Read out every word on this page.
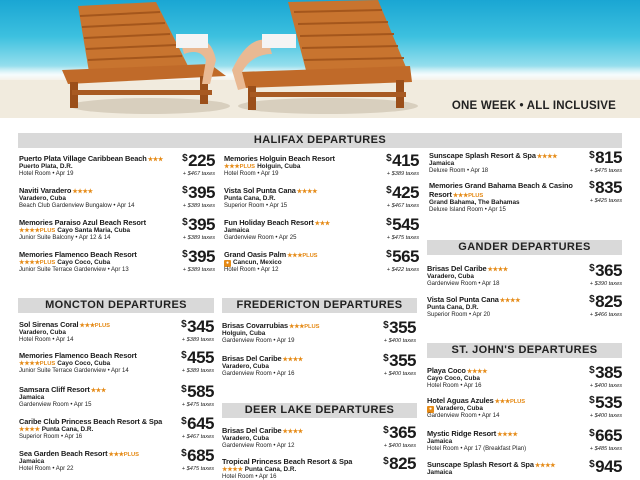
ONE WEEK • ALL INCLUSIVE
HALIFAX DEPARTURES
Puerto Plata Village Caribbean Beach★★★
Puerto Plata, D.R.
Hotel Room • Apr 19
$225
+ $467 taxes
Naviti Varadero★★★★
Varadero, Cuba
Beach Club Gardenview Bungalow • Apr 14
$395
+ $389 taxes
Memories Paraiso Azul Beach Resort
★★★★PLUS Cayo Santa Maria, Cuba
Junior Suite Balcony • Apr 12 & 14
$395
+ $389 taxes
Memories Flamenco Beach Resort
★★★★PLUS Cayo Coco, Cuba
Junior Suite Terrace Gardenview • Apr 13
$395
+ $389 taxes
Memories Holguin Beach Resort
★★★PLUS Holguin, Cuba
Hotel Room • Apr 19
$415
+ $389 taxes
Vista Sol Punta Cana★★★★
Punta Cana, D.R.
Superior Room • Apr 15
$425
+ $467 taxes
Fun Holiday Beach Resort★★★
Jamaica
Gardenview Room • Apr 25
$545
+ $475 taxes
Grand Oasis Palm★★★PLUS
● Cancun, Mexico
Hotel Room • Apr 12
$565
+ $422 taxes
Sunscape Splash Resort & Spa★★★★
Jamaica
Deluxe Room • Apr 18
$815
+ $475 taxes
Memories Grand Bahama Beach & Casino Resort★★★PLUS
Grand Bahama, The Bahamas
Deluxe Island Room • Apr 15
$835
+ $425 taxes
GANDER DEPARTURES
Brisas Del Caribe★★★★
Varadero, Cuba
Gardenview Room • Apr 18
$365
+ $390 taxes
Vista Sol Punta Cana★★★★
Punta Cana, D.R.
Superior Room • Apr 20
$825
+ $466 taxes
MONCTON DEPARTURES
Sol Sirenas Coral★★★PLUS
Varadero, Cuba
Hotel Room • Apr 14
$345
+ $389 taxes
Memories Flamenco Beach Resort
★★★★PLUS Cayo Coco, Cuba
Junior Suite Terrace Gardenview • Apr 14
$455
+ $389 taxes
Samsara Cliff Resort★★★
Jamaica
Gardenview Room • Apr 15
$585
+ $475 taxes
Caribe Club Princess Beach Resort & Spa
★★★★ Punta Cana, D.R.
Superior Room • Apr 16
$645
+ $467 taxes
Sea Garden Beach Resort★★★PLUS
Jamaica
Hotel Room • Apr 22
$685
+ $475 taxes
FREDERICTON DEPARTURES
Brisas Covarrubias★★★PLUS
Holguin, Cuba
Gardenview Room • Apr 19
$355
+ $400 taxes
Brisas Del Caribe★★★★
Varadero, Cuba
Gardenview Room • Apr 16
$355
+ $400 taxes
DEER LAKE DEPARTURES
Brisas Del Caribe★★★★
Varadero, Cuba
Gardenview Room • Apr 12
$365
+ $400 taxes
Tropical Princess Beach Resort & Spa
★★★★ Punta Cana, D.R.
Hotel Room • Apr 16
$825
ST. JOHN'S DEPARTURES
Playa Coco★★★★
Cayo Coco, Cuba
Hotel Room • Apr 16
$385
+ $400 taxes
Hotel Aguas Azules★★★PLUS
● Varadero, Cuba
Gardenview Room • Apr 14
$535
+ $400 taxes
Mystic Ridge Resort★★★★
Jamaica
Hotel Room • Apr 17 (Breakfast Plan)
$665
+ $485 taxes
Sunscape Splash Resort & Spa★★★★
Jamaica
$945
